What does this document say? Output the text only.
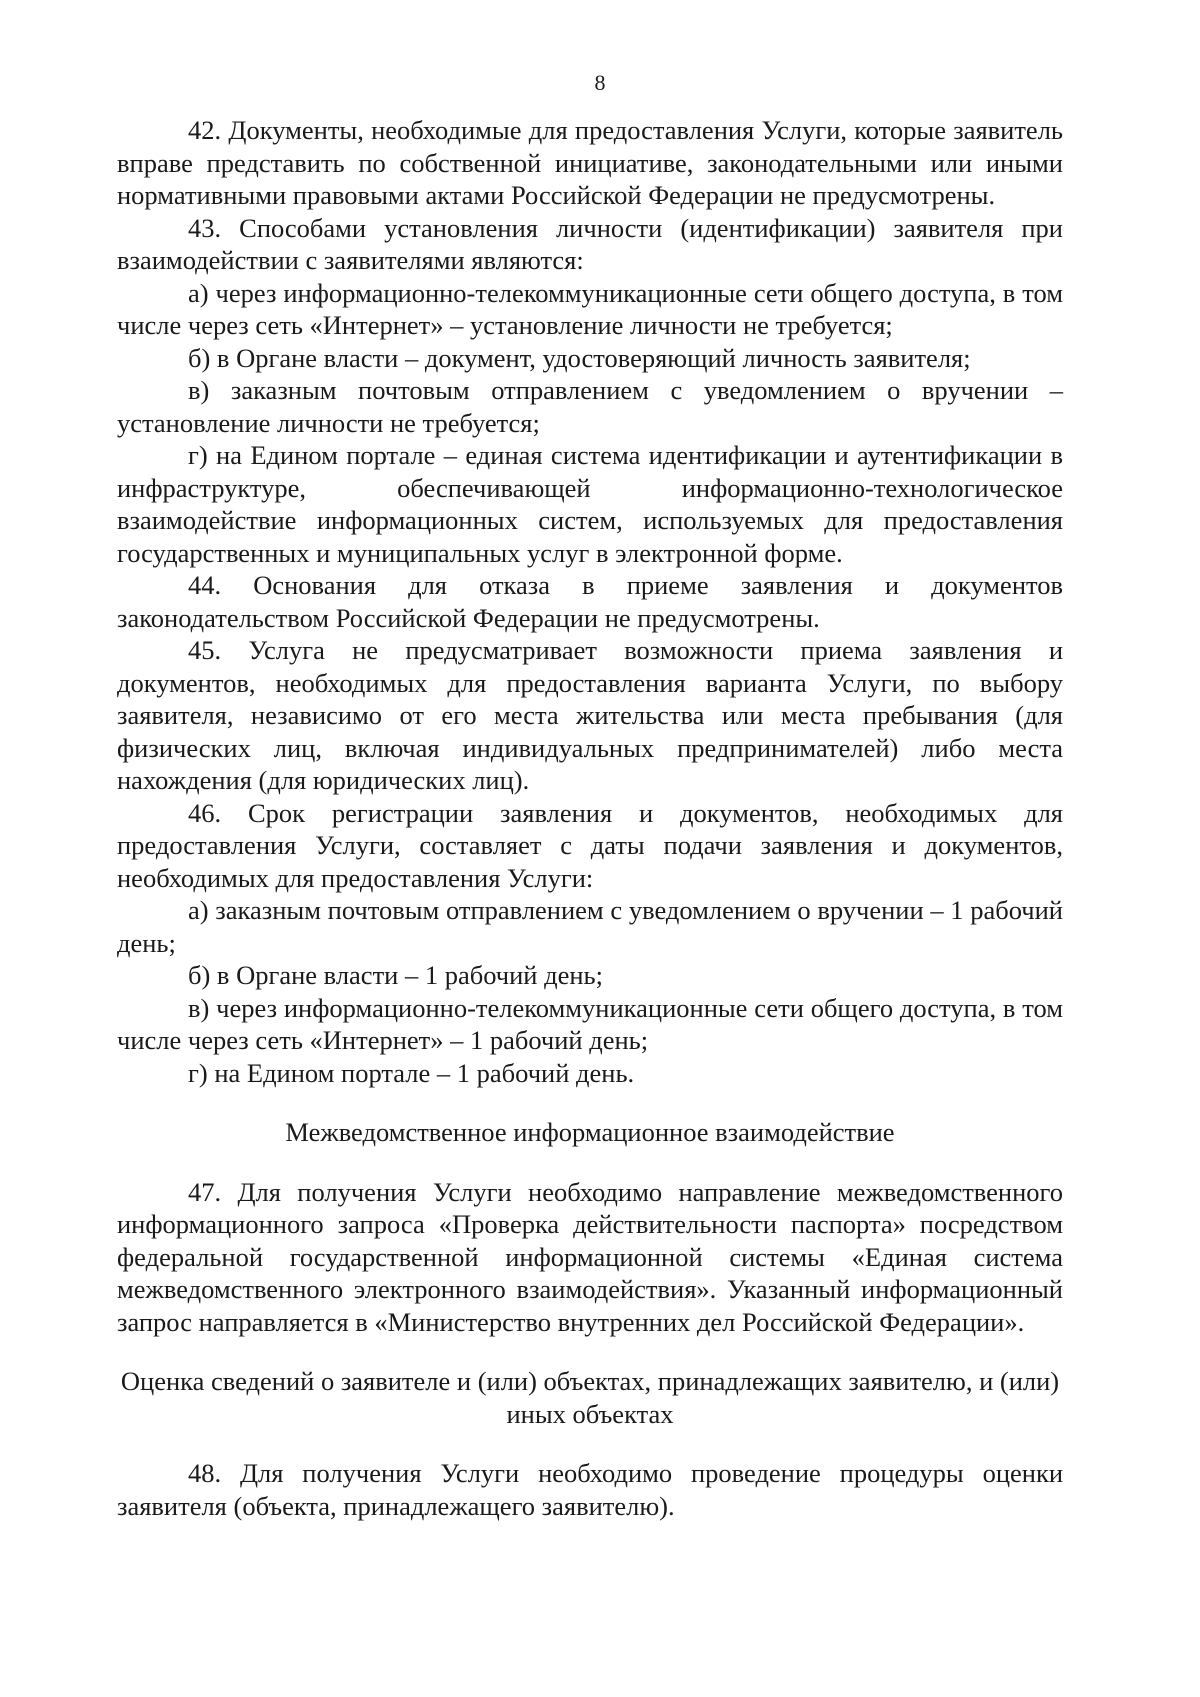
8

42. Документы, необходимые для предоставления Услуги, которые заявитель вправе представить по собственной инициативе, законодательными или иными нормативными правовыми актами Российской Федерации не предусмотрены.

43. Способами установления личности (идентификации) заявителя при взаимодействии с заявителями являются:

а) через информационно-телекоммуникационные сети общего доступа, в том числе через сеть «Интернет» – установление личности не требуется;

б) в Органе власти – документ, удостоверяющий личность заявителя;

в) заказным почтовым отправлением с уведомлением о вручении – установление личности не требуется;

г) на Едином портале – единая система идентификации и аутентификации в инфраструктуре, обеспечивающей информационно-технологическое взаимодействие информационных систем, используемых для предоставления государственных и муниципальных услуг в электронной форме.

44. Основания для отказа в приеме заявления и документов законодательством Российской Федерации не предусмотрены.

45. Услуга не предусматривает возможности приема заявления и документов, необходимых для предоставления варианта Услуги, по выбору заявителя, независимо от его места жительства или места пребывания (для физических лиц, включая индивидуальных предпринимателей) либо места нахождения (для юридических лиц).

46. Срок регистрации заявления и документов, необходимых для предоставления Услуги, составляет с даты подачи заявления и документов, необходимых для предоставления Услуги:

а) заказным почтовым отправлением с уведомлением о вручении – 1 рабочий день;

б) в Органе власти – 1 рабочий день;

в) через информационно-телекоммуникационные сети общего доступа, в том числе через сеть «Интернет» – 1 рабочий день;

г) на Едином портале – 1 рабочий день.

Межведомственное информационное взаимодействие

47. Для получения Услуги необходимо направление межведомственного информационного запроса «Проверка действительности паспорта» посредством федеральной государственной информационной системы «Единая система межведомственного электронного взаимодействия». Указанный информационный запрос направляется в «Министерство внутренних дел Российской Федерации».

Оценка сведений о заявителе и (или) объектах, принадлежащих заявителю, и (или) иных объектах

48. Для получения Услуги необходимо проведение процедуры оценки заявителя (объекта, принадлежащего заявителю).
